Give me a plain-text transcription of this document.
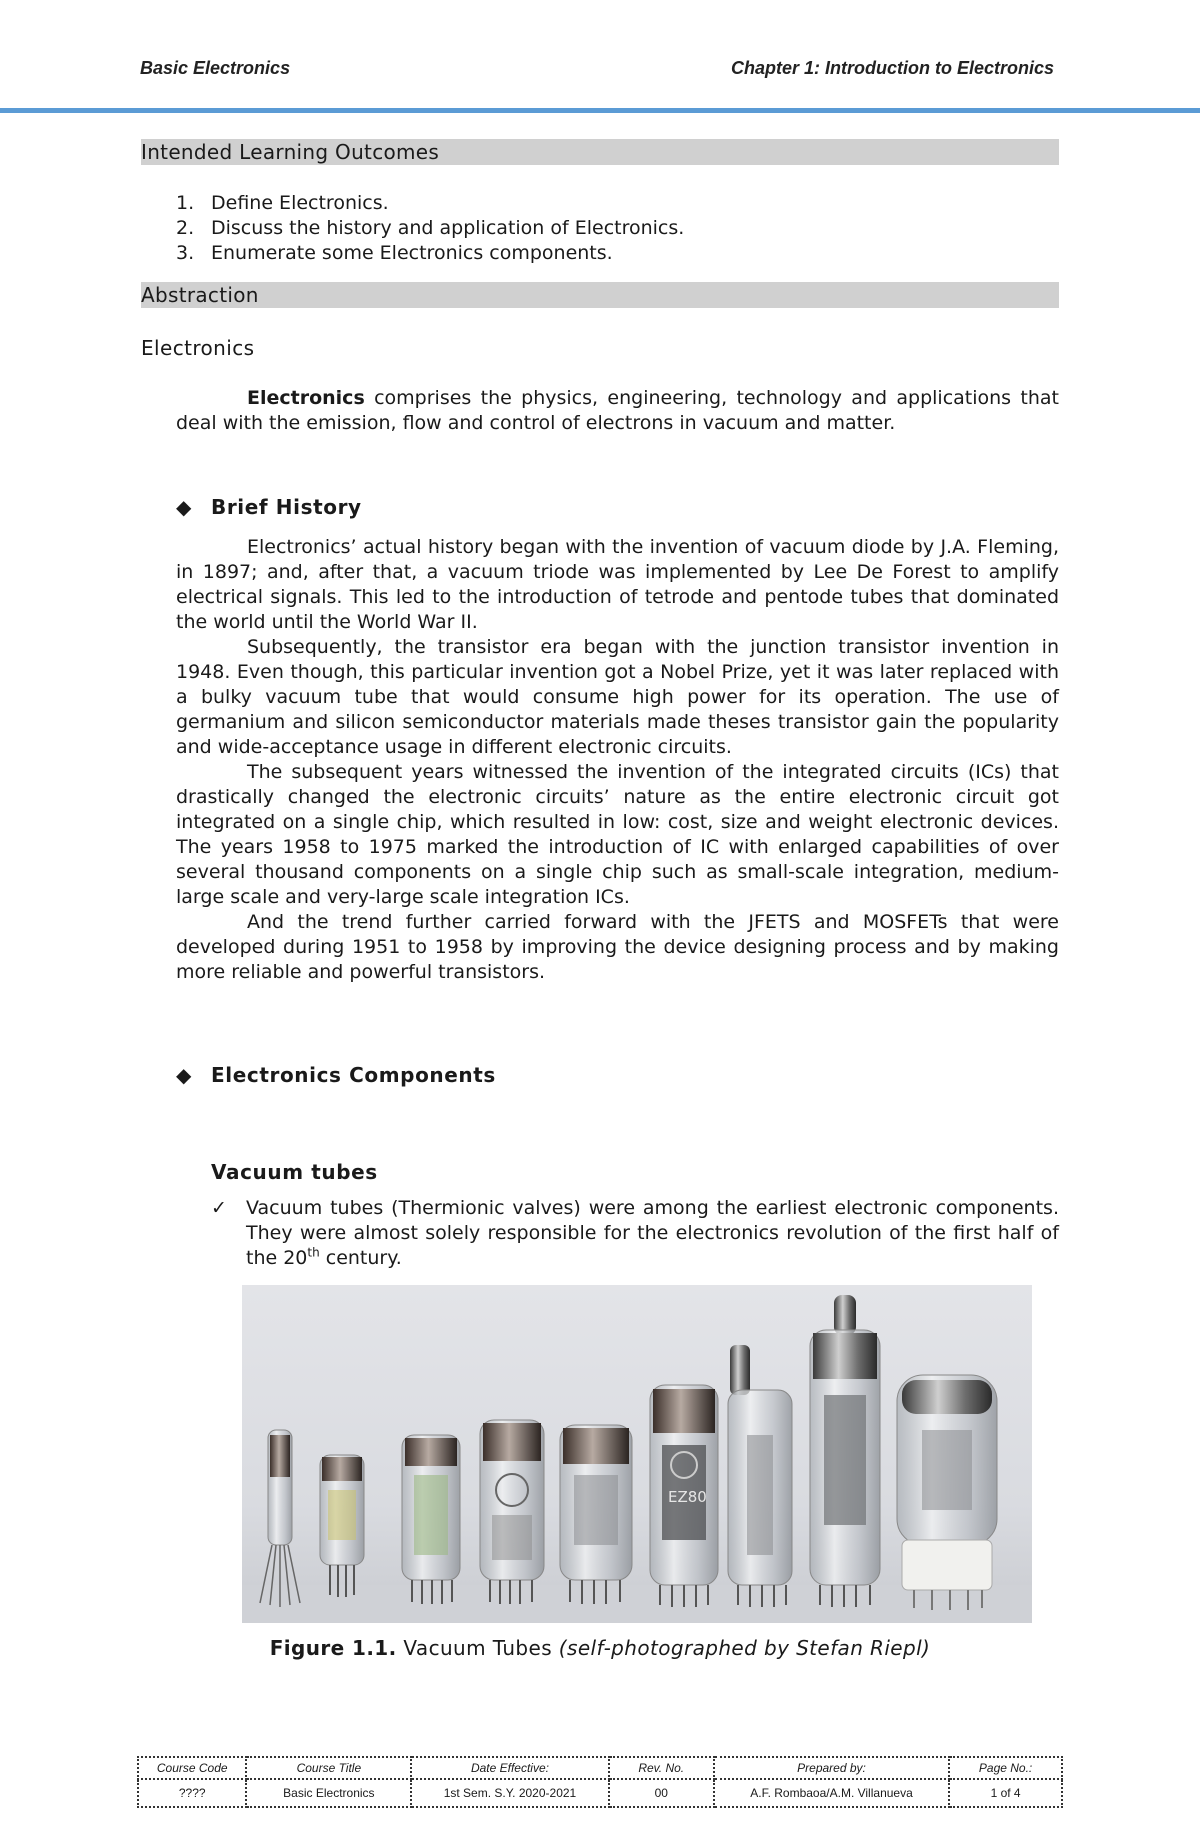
Basic Electronics	Chapter 1: Introduction to Electronics
Intended Learning Outcomes
1. Define Electronics.
2. Discuss the history and application of Electronics.
3. Enumerate some Electronics components.
Abstraction
Electronics
Electronics comprises the physics, engineering, technology and applications that deal with the emission, flow and control of electrons in vacuum and matter.
◆ Brief History
Electronics’ actual history began with the invention of vacuum diode by J.A. Fleming, in 1897; and, after that, a vacuum triode was implemented by Lee De Forest to amplify electrical signals. This led to the introduction of tetrode and pentode tubes that dominated the world until the World War II.
Subsequently, the transistor era began with the junction transistor invention in 1948. Even though, this particular invention got a Nobel Prize, yet it was later replaced with a bulky vacuum tube that would consume high power for its operation. The use of germanium and silicon semiconductor materials made theses transistor gain the popularity and wide-acceptance usage in different electronic circuits.
The subsequent years witnessed the invention of the integrated circuits (ICs) that drastically changed the electronic circuits’ nature as the entire electronic circuit got integrated on a single chip, which resulted in low: cost, size and weight electronic devices. The years 1958 to 1975 marked the introduction of IC with enlarged capabilities of over several thousand components on a single chip such as small-scale integration, medium-large scale and very-large scale integration ICs.
And the trend further carried forward with the JFETS and MOSFETs that were developed during 1951 to 1958 by improving the device designing process and by making more reliable and powerful transistors.
◆ Electronics Components
Vacuum tubes
✓ Vacuum tubes (Thermionic valves) were among the earliest electronic components. They were almost solely responsible for the electronics revolution of the first half of the 20th century.
EZ80
Figure 1.1. Vacuum Tubes (self-photographed by Stefan Riepl)
Course Code	Course Title	Date Effective:	Rev. No.	Prepared by:	Page No.:
????	Basic Electronics	1st Sem. S.Y. 2020-2021	00	A.F. Rombaoa/A.M. Villanueva	1 of 4
